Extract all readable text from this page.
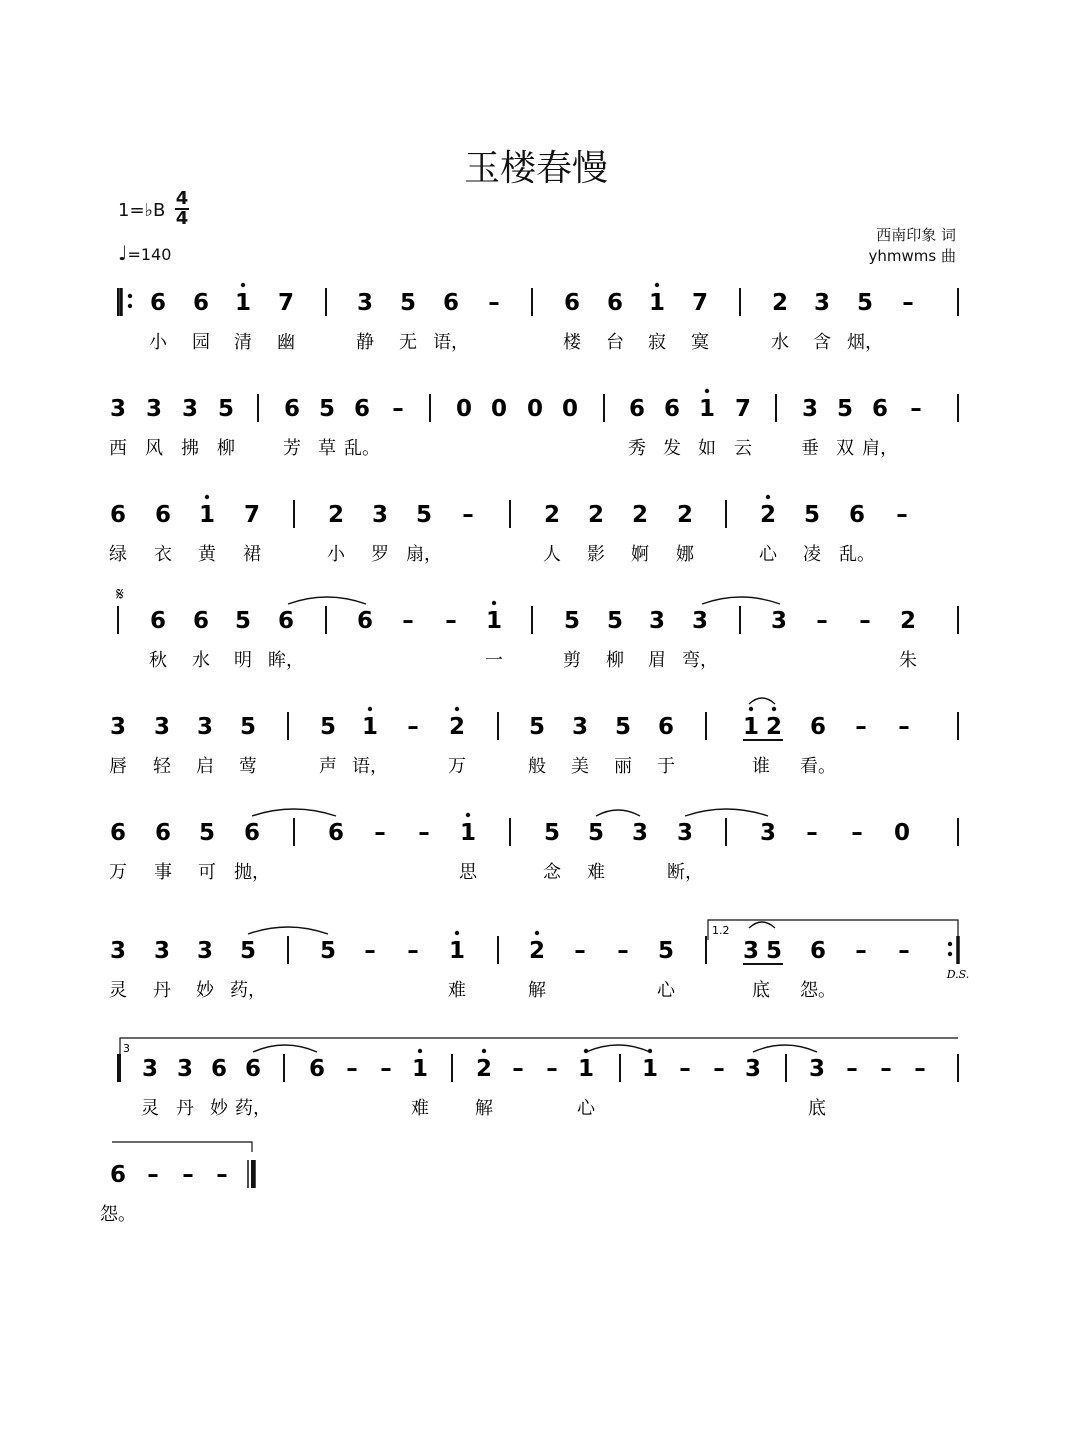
玉楼春慢
1=♭B
4
4
♩=140
西南印象 词
yhmwms 曲
6
小
6
园
1
清
7
幽
3
静
5
无
6
语，
–	6
楼
6
台
1
寂
7
寞
2
水
3
含
5
烟，
–
3
西
3
风
3
拂
5
柳
6
芳
5
草
6
乱。
– 0 0 0 0 6
秀
6
发
1
如
7
云
3
垂
5
双
6
肩，
–
6
绿
6
衣
1
黄
7
裙
2
小
3
罗
5
扇，
–	2
人
2
影
2
婀
2
娜
2
心
5
凌
6
乱。
–
6
秋
6
水
5
明
6
眸，
6 – – 1
一
5
剪
5
柳
3
眉
3
弯，
3 – – 2
朱
3
唇
3
轻
3
启
5
莺
5
声
1
语，
– 2
万
5
般
3
美
5
丽
6
于
1 2
谁
6
看。
– –
6
万
6
事
5
可
6
抛，
6 – – 1
思
5
念
5
难
3 3
断，
3 – – 0
3
灵
3
丹
3
妙
5
药，
5 – – 1
难
2
解
– – 5
心
3 5
底
6
怨。
– –
3
灵
3
丹
6
妙
6
药，
6 – – 1
难
2
解
– – 1
心
1 – – 3 3
底
– – –
6
怨。
– – –
𝄋
1.2
D.S.
3
